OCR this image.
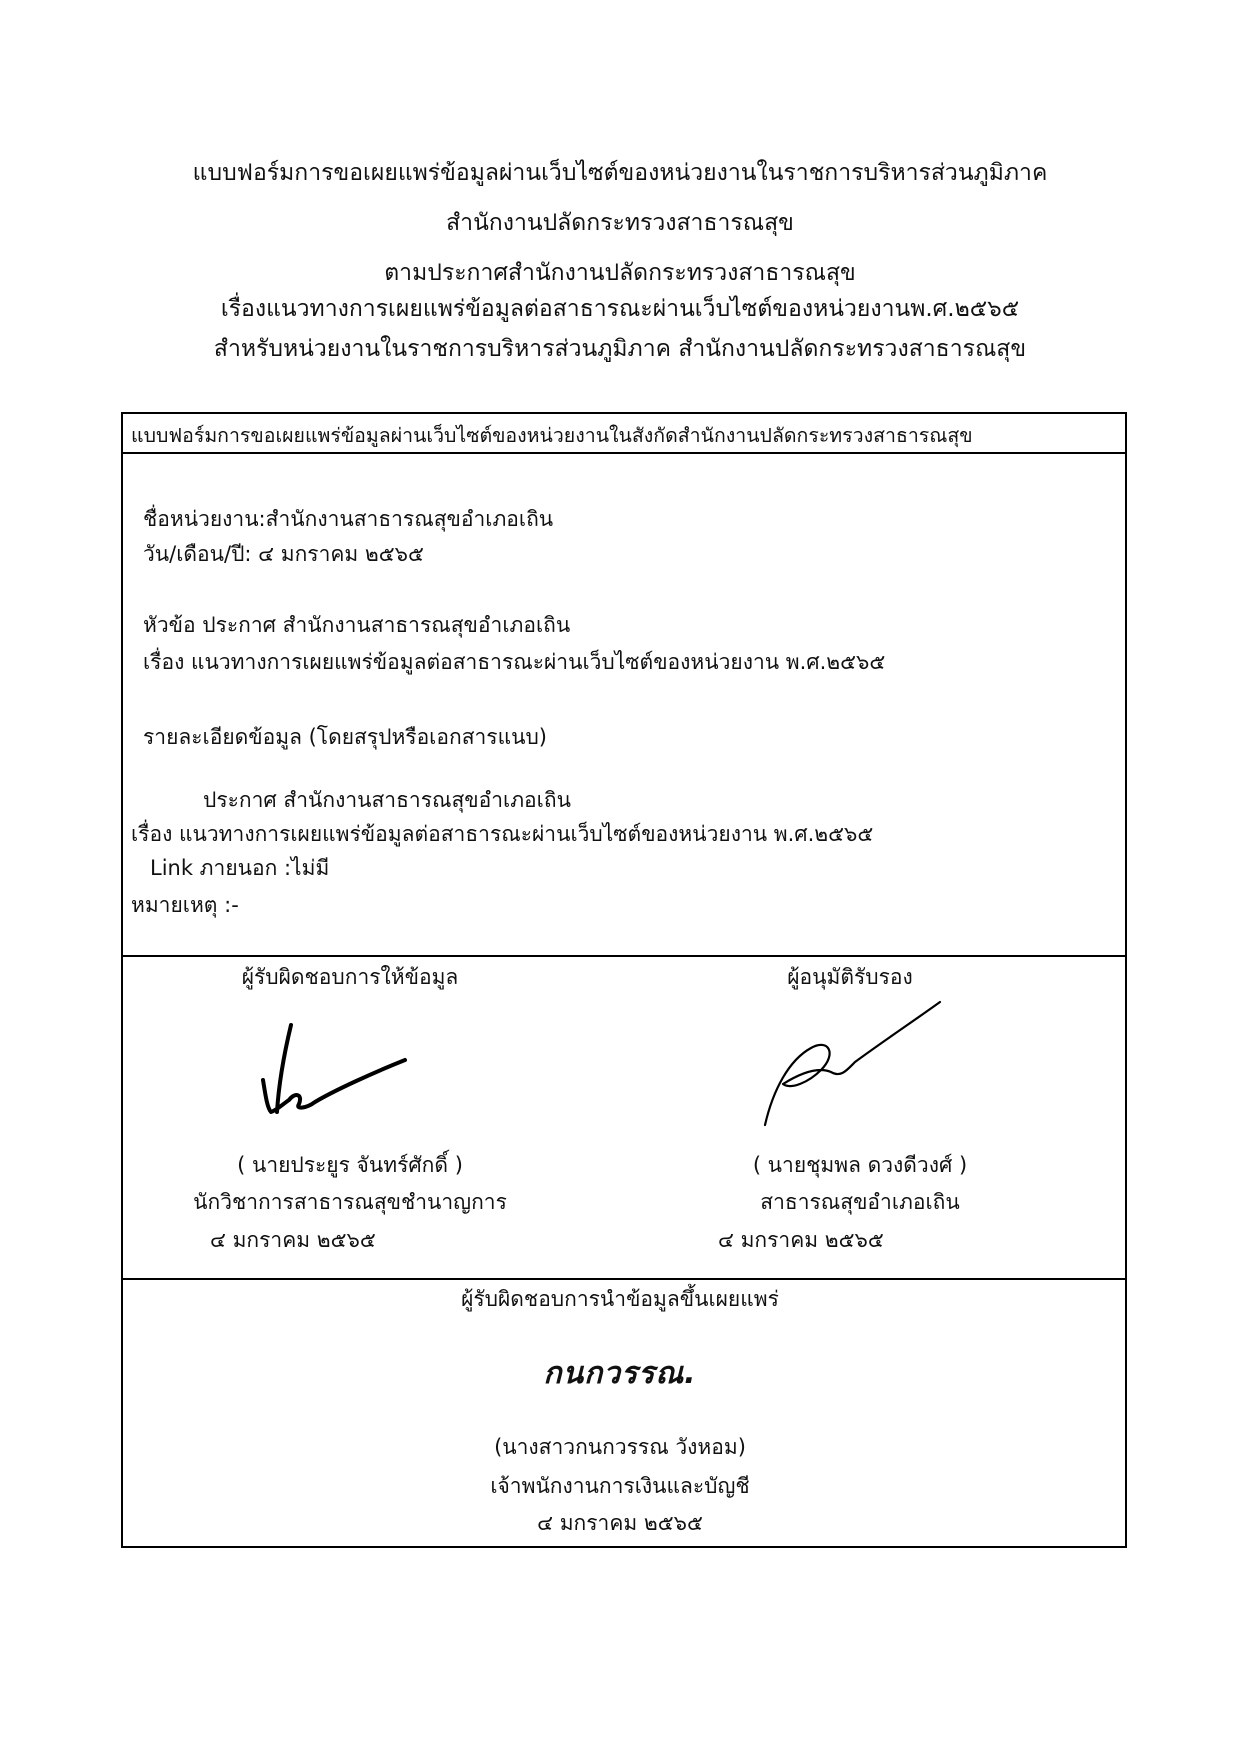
แบบฟอร์มการขอเผยแพร่ข้อมูลผ่านเว็บไซต์ของหน่วยงานในราชการบริหารส่วนภูมิภาค
สำนักงานปลัดกระทรวงสาธารณสุข
ตามประกาศสำนักงานปลัดกระทรวงสาธารณสุข
เรื่องแนวทางการเผยแพร่ข้อมูลต่อสาธารณะผ่านเว็บไซต์ของหน่วยงานพ.ศ.๒๕๖๕
สำหรับหน่วยงานในราชการบริหารส่วนภูมิภาค สำนักงานปลัดกระทรวงสาธารณสุข
แบบฟอร์มการขอเผยแพร่ข้อมูลผ่านเว็บไซต์ของหน่วยงานในสังกัดสำนักงานปลัดกระทรวงสาธารณสุข
ชื่อหน่วยงาน:สำนักงานสาธารณสุขอำเภอเถิน
วัน/เดือน/ปี: ๔ มกราคม ๒๕๖๕
หัวข้อ ประกาศ สำนักงานสาธารณสุขอำเภอเถิน
เรื่อง แนวทางการเผยแพร่ข้อมูลต่อสาธารณะผ่านเว็บไซต์ของหน่วยงาน พ.ศ.๒๕๖๕
รายละเอียดข้อมูล (โดยสรุปหรือเอกสารแนบ)
ประกาศ สำนักงานสาธารณสุขอำเภอเถิน
เรื่อง แนวทางการเผยแพร่ข้อมูลต่อสาธารณะผ่านเว็บไซต์ของหน่วยงาน พ.ศ.๒๕๖๕
Link ภายนอก :ไม่มี
หมายเหตุ :-
ผู้รับผิดชอบการให้ข้อมูล
( นายประยูร จันทร์ศักดิ์ )
นักวิชาการสาธารณสุขชำนาญการ
๔ มกราคม ๒๕๖๕
ผู้อนุมัติรับรอง
( นายชุมพล ดวงดีวงศ์ )
สาธารณสุขอำเภอเถิน
๔ มกราคม ๒๕๖๕
ผู้รับผิดชอบการนำข้อมูลขึ้นเผยแพร่
กนกวรรณ.
(นางสาวกนกวรรณ วังหอม)
เจ้าพนักงานการเงินและบัญชี
๔ มกราคม ๒๕๖๕
